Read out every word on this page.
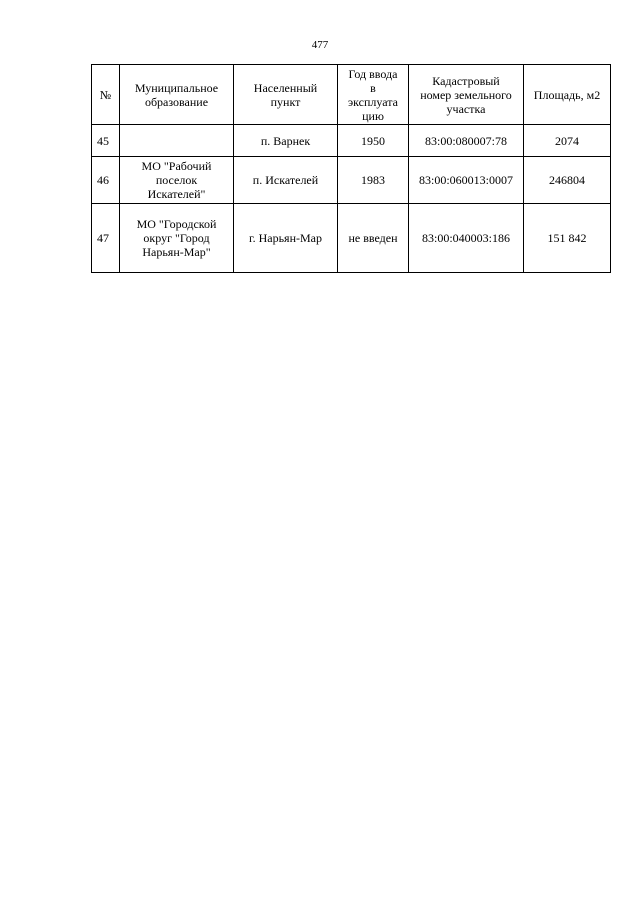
477
№	Муниципальное
образование	Населенный
пункт	Год ввода
в
эксплуата
цию	Кадастровый
номер земельного
участка	Площадь, м2
45		п. Варнек	1950	83:00:080007:78	2074
46	МО "Рабочий
поселок
Искателей"	п. Искателей	1983	83:00:060013:0007	246804
47	МО "Городской
округ "Город
Нарьян-Мар"	г. Нарьян-Мар	не введен	83:00:040003:186	151 842
